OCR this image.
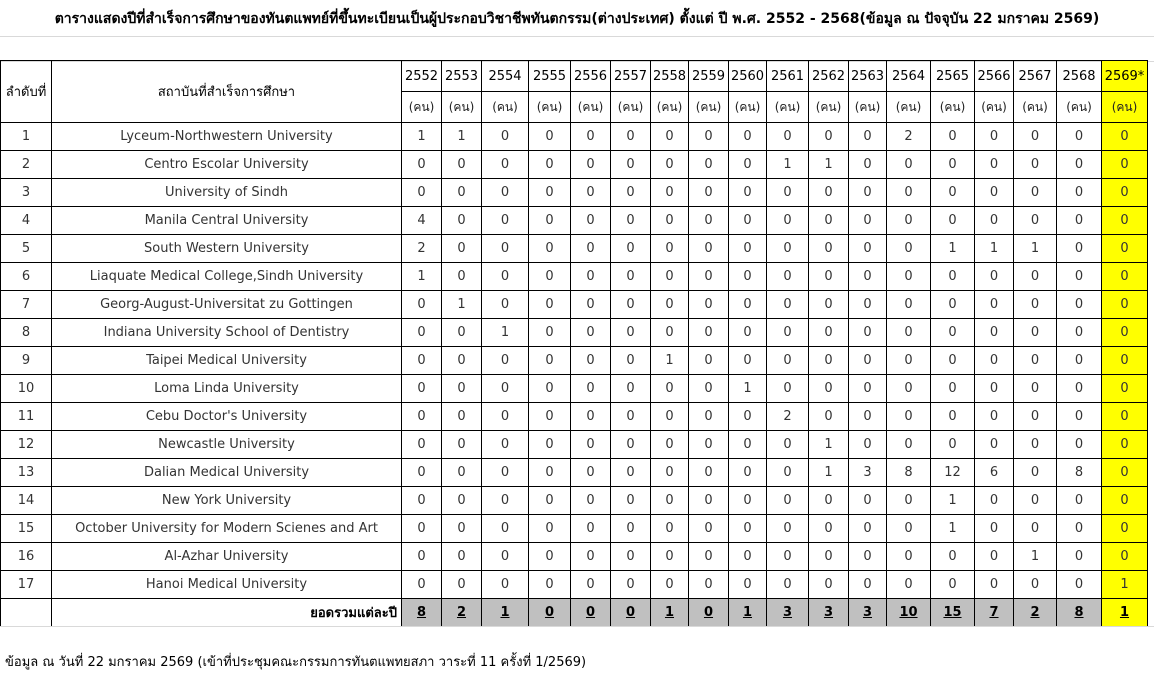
ตารางแสดงปีที่สำเร็จการศึกษาของทันตแพทย์ที่ขึ้นทะเบียนเป็นผู้ประกอบวิชาชีพทันตกรรม(ต่างประเทศ) ตั้งแต่ ปี พ.ศ. 2552 - 2568(ข้อมูล ณ ปัจจุบัน 22 มกราคม 2569)
ลำดับที่	สถาบันที่สำเร็จการศึกษา	2552	2553	2554	2555	2556	2557	2558	2559	2560	2561	2562	2563	2564	2565	2566	2567	2568	2569*
		(คน)	(คน)	(คน)	(คน)	(คน)	(คน)	(คน)	(คน)	(คน)	(คน)	(คน)	(คน)	(คน)	(คน)	(คน)	(คน)	(คน)	(คน)
1	Lyceum-Northwestern University	1	1	0	0	0	0	0	0	0	0	0	0	2	0	0	0	0	0
2	Centro Escolar University	0	0	0	0	0	0	0	0	0	1	1	0	0	0	0	0	0	0
3	University of Sindh	0	0	0	0	0	0	0	0	0	0	0	0	0	0	0	0	0	0
4	Manila Central University	4	0	0	0	0	0	0	0	0	0	0	0	0	0	0	0	0	0
5	South Western University	2	0	0	0	0	0	0	0	0	0	0	0	0	1	1	1	0	0
6	Liaquate Medical College,Sindh University	1	0	0	0	0	0	0	0	0	0	0	0	0	0	0	0	0	0
7	Georg-August-Universitat zu Gottingen	0	1	0	0	0	0	0	0	0	0	0	0	0	0	0	0	0	0
8	Indiana University School of Dentistry	0	0	1	0	0	0	0	0	0	0	0	0	0	0	0	0	0	0
9	Taipei Medical University	0	0	0	0	0	0	1	0	0	0	0	0	0	0	0	0	0	0
10	Loma Linda University	0	0	0	0	0	0	0	0	1	0	0	0	0	0	0	0	0	0
11	Cebu Doctor's University	0	0	0	0	0	0	0	0	0	2	0	0	0	0	0	0	0	0
12	Newcastle University	0	0	0	0	0	0	0	0	0	0	1	0	0	0	0	0	0	0
13	Dalian Medical University	0	0	0	0	0	0	0	0	0	0	1	3	8	12	6	0	8	0
14	New York University	0	0	0	0	0	0	0	0	0	0	0	0	0	1	0	0	0	0
15	October University for Modern Scienes and Art	0	0	0	0	0	0	0	0	0	0	0	0	0	1	0	0	0	0
16	Al-Azhar University	0	0	0	0	0	0	0	0	0	0	0	0	0	0	0	1	0	0
17	Hanoi Medical University	0	0	0	0	0	0	0	0	0	0	0	0	0	0	0	0	0	1
	ยอดรวมแต่ละปี	8	2	1	0	0	0	1	0	1	3	3	3	10	15	7	2	8	1
ข้อมูล ณ วันที่ 22 มกราคม 2569 (เข้าที่ประชุมคณะกรรมการทันตแพทยสภา วาระที่ 11 ครั้งที่ 1/2569)
